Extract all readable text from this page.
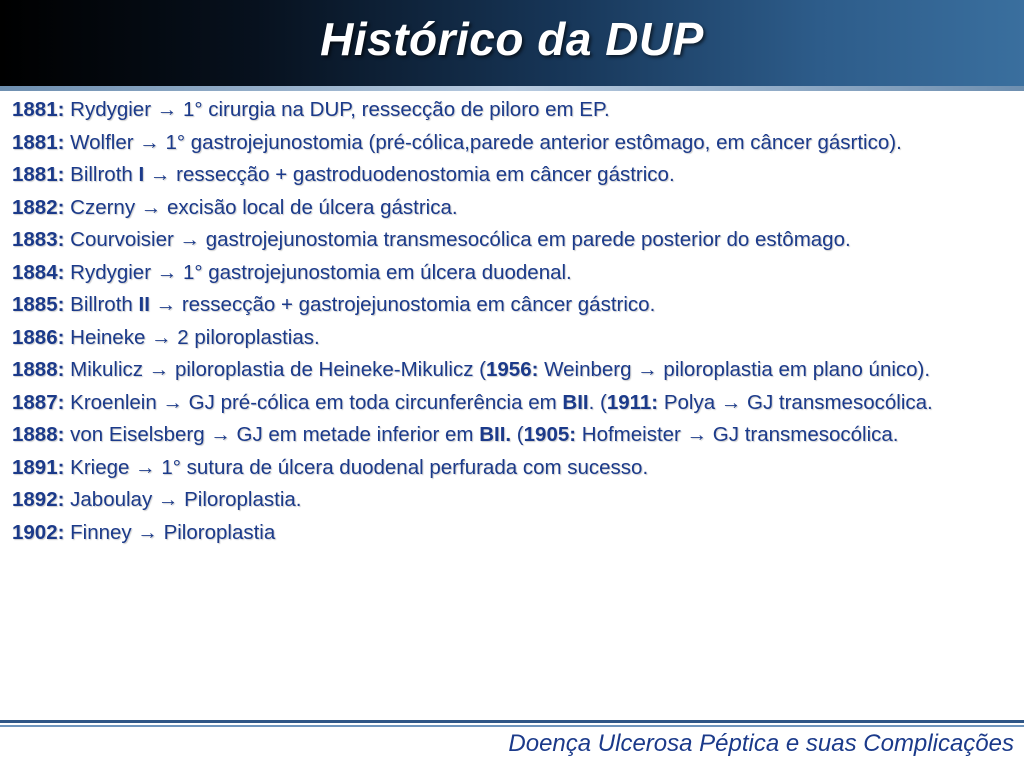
Histórico da DUP
1881: Rydygier → 1° cirurgia na DUP, ressecção de piloro em EP.
1881: Wolfler → 1° gastrojejunostomia (pré-cólica,parede anterior estômago, em câncer gásrtico).
1881: Billroth I → ressecção + gastroduodenostomia em câncer gástrico.
1882: Czerny → excisão local de úlcera gástrica.
1883: Courvoisier → gastrojejunostomia transmesocólica em parede posterior do estômago.
1884: Rydygier → 1° gastrojejunostomia em úlcera duodenal.
1885: Billroth II → ressecção + gastrojejunostomia em câncer gástrico.
1886: Heineke → 2 piloroplastias.
1888: Mikulicz → piloroplastia de Heineke-Mikulicz (1956: Weinberg → piloroplastia em plano único).
1887: Kroenlein → GJ pré-cólica em toda circunferência em BII. (1911: Polya → GJ transmesocólica.
1888: von Eiselsberg → GJ em metade inferior em BII. (1905: Hofmeister → GJ transmesocólica.
1891: Kriege → 1° sutura de úlcera duodenal perfurada com sucesso.
1892: Jaboulay → Piloroplastia.
1902: Finney → Piloroplastia
Doença Ulcerosa Péptica e suas Complicações
